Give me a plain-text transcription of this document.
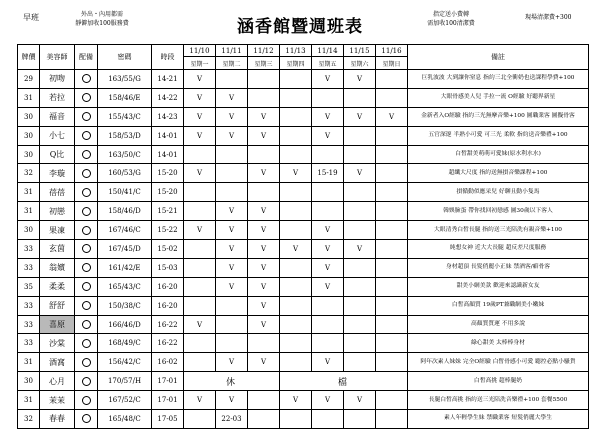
早班	外出・內用都需
靜僻加收100服務費	涵香館暨週班表
指定送小費轉
需加收100清潔費
現場清潔費+300
牌價	美容師	配備	密碼	時段	11/10	11/11	11/12	11/13	11/14	11/15	11/16	備註
					星期一	星期二	星期三	星期四	星期五	星期六	星期日	
29	初吻		163/55/G	14-21	V				V	V		巨乳波波 大到讓你窒息 指約三北全衝奶也送課程學費+100
31	若拉		158/46/E	14-22	V	V						大眼骨感美人兒 手拉一流 O經驗 好聽界新星
30	福音		155/43/C	14-23	V	V	V		V	V	V	金新者入O經驗 指約三光無摩音樂+100 圖職業客 圖擬骨客
30	小七		158/53/D	14-01	V	V	V		V			五官深邃 半熟小可愛 可三光 柔軟 指約送音樂禮+100
30	Q比		163/50/C	14-01								白皙甜美萌萌可愛妹(原水利水水)
32	李璇		160/53/G	15-20	V		V	V	15-19	V		超纖大尺度 指約送無損音樂課程+100
31	蓓蓓		150/41/C	15-20								損循動似應采兒 好聊且動小隻馬
31	初戀		158/46/D	15-21		V	V					韓娛臉蛋 帶你找回初戀感 圖30歲以下客人
30	果凍		167/46/C	15-22	V	V	V		V			大眼清秀白皙長腿 指約送三光陪洗有親音樂+100
33	玄茵		167/45/D	15-02		V	V	V	V	V		純想女神 近大大長腿 超反差尺度服務
33	翁嬪		161/42/E	15-03		V	V		V			身材超頂 長髮俏麗小正妹 禁酒客/癖骨客
35	柔柔		165/43/C	16-20		V	V		V			甜美小網美款 歡迎來認識新女友
33	舒舒		150/38/C	16-20			V					白皙高顏質 19歲PT兼職網美小嫩妹
33	喜原		166/46/D	16-22	V		V					高顏質質運 不用多說
33	沙棠		168/49/C	16-22								綠心甜美 太棒棒身材
31	酒窩		156/42/C	16-02		V	V		V			阿年次素人妹妹 完全O經驗 白皙骨感小可愛 聽控必點小騷貨
30	心月		170/57/H	17-01	休			檔				白皙高挑 超棒腿奶
31	茉茉		167/52/C	17-01	V	V		V	V	V		長腿白皙高挑 指約送三光陪洗音樂禮+100 套餐5500
32	春春		165/48/C	17-05		22-03						素人年輕學生妹 禁職業客 短髮俏麗大學生
